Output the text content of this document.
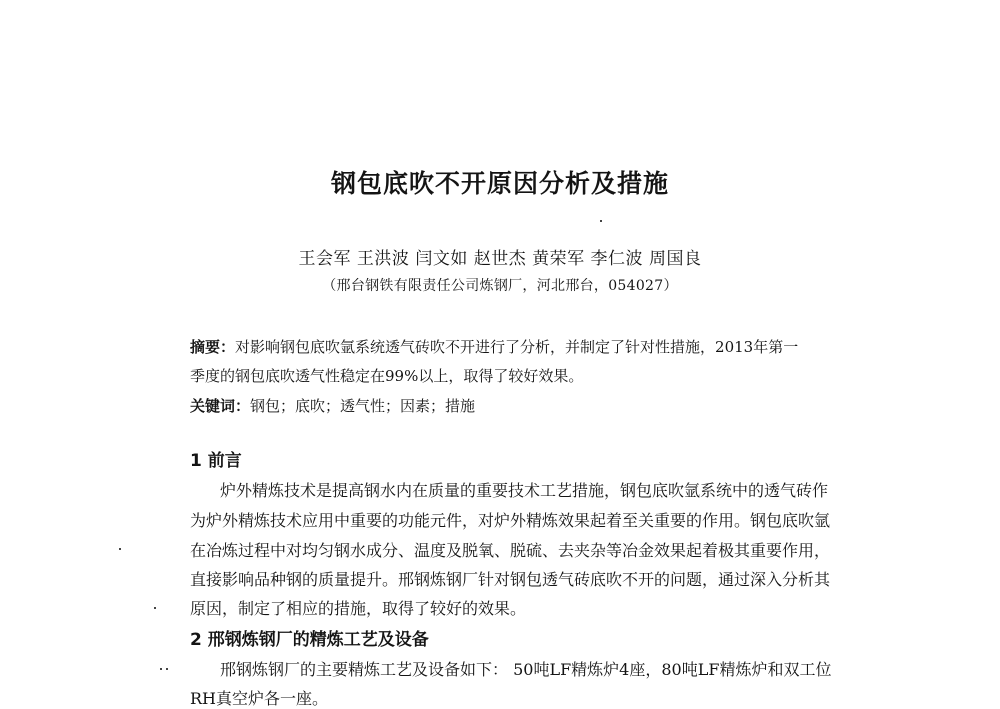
钢包底吹不开原因分析及措施
王会军 王洪波 闫文如 赵世杰 黄荣军 李仁波 周国良
（邢台钢铁有限责任公司炼钢厂，河北邢台，054027）
摘要：对影响钢包底吹氩系统透气砖吹不开进行了分析，并制定了针对性措施，2013年第一
季度的钢包底吹透气性稳定在99%以上，取得了较好效果。
关键词：钢包；底吹；透气性；因素；措施
1 前言
炉外精炼技术是提高钢水内在质量的重要技术工艺措施，钢包底吹氩系统中的透气砖作
为炉外精炼技术应用中重要的功能元件，对炉外精炼效果起着至关重要的作用。钢包底吹氩
在冶炼过程中对均匀钢水成分、温度及脱氧、脱硫、去夹杂等冶金效果起着极其重要作用，
直接影响品种钢的质量提升。邢钢炼钢厂针对钢包透气砖底吹不开的问题，通过深入分析其
原因，制定了相应的措施，取得了较好的效果。
2 邢钢炼钢厂的精炼工艺及设备
邢钢炼钢厂的主要精炼工艺及设备如下： 50吨LF精炼炉4座，80吨LF精炼炉和双工位
RH真空炉各一座。
